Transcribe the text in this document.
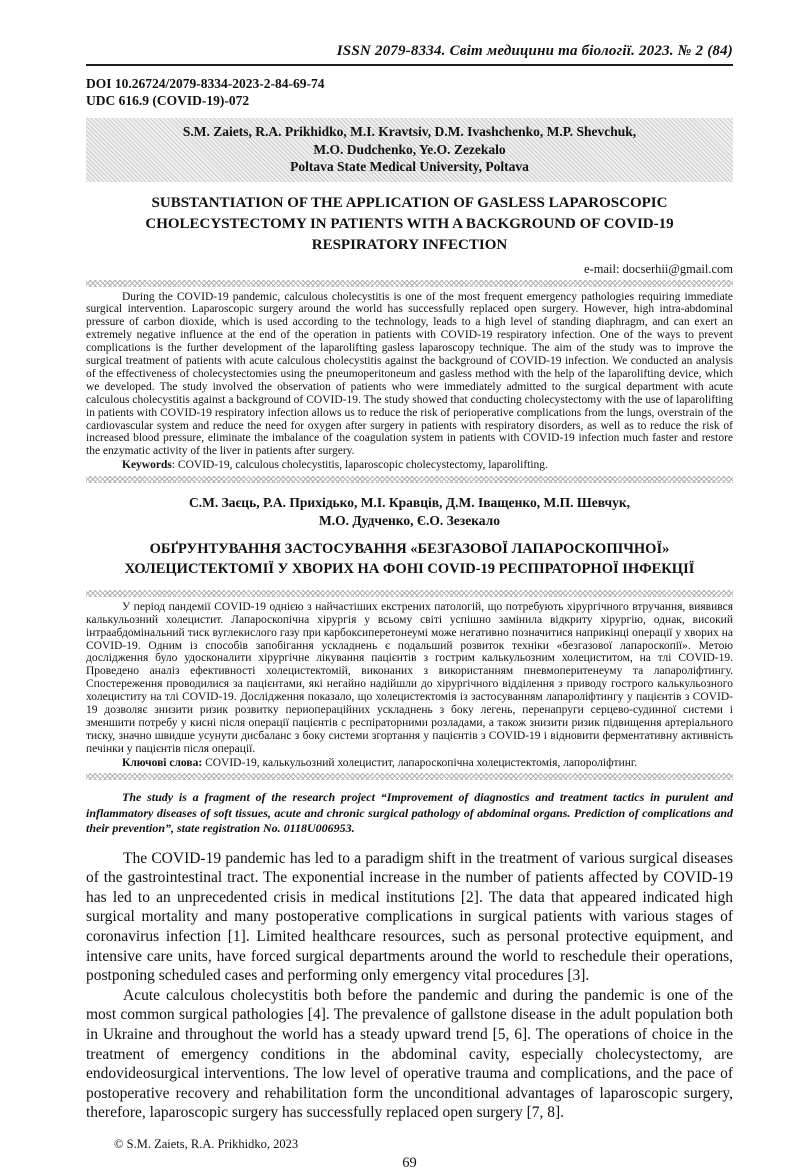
ISSN 2079-8334. Світ медицини та біології. 2023. № 2 (84)
DOI 10.26724/2079-8334-2023-2-84-69-74
UDC 616.9 (COVID-19)-072
S.M. Zaiets, R.A. Prikhidko, M.I. Kravtsiv, D.M. Ivashchenko, M.P. Shevchuk,
M.O. Dudchenko, Ye.O. Zezekalo
Poltava State Medical University, Poltava
SUBSTANTIATION OF THE APPLICATION OF GASLESS LAPAROSCOPIC CHOLECYSTECTOMY IN PATIENTS WITH A BACKGROUND OF COVID-19 RESPIRATORY INFECTION
e-mail: docserhii@gmail.com

During the COVID-19 pandemic, calculous cholecystitis is one of the most frequent emergency pathologies requiring immediate surgical intervention. Laparoscopic surgery around the world has successfully replaced open surgery. However, high intra-abdominal pressure of carbon dioxide, which is used according to the technology, leads to a high level of standing diaphragm, and can exert an extremely negative influence at the end of the operation in patients with COVID-19 respiratory infection. One of the ways to prevent complications is the further development of the laparolifting gasless laparoscopy technique. The aim of the study was to improve the surgical treatment of patients with acute calculous cholecystitis against the background of COVID-19 infection. We conducted an analysis of the effectiveness of cholecystectomies using the pneumoperitoneum and gasless method with the help of the laparolifting device, which we developed. The study involved the observation of patients who were immediately admitted to the surgical department with acute calculous cholecystitis against a background of COVID-19. The study showed that conducting cholecystectomy with the use of laparolifting in patients with COVID-19 respiratory infection allows us to reduce the risk of perioperative complications from the lungs, overstrain of the cardiovascular system and reduce the need for oxygen after surgery in patients with respiratory disorders, as well as to reduce the risk of increased blood pressure, eliminate the imbalance of the coagulation system in patients with COVID-19 infection much faster and restore the enzymatic activity of the liver in patients after surgery.

Keywords: COVID-19, calculous cholecystitis, laparoscopic cholecystectomy, laparolifting.

С.М. Заєць, Р.А. Прихідько, М.І. Кравців, Д.М. Іващенко, М.П. Шевчук,
М.О. Дудченко, Є.О. Зезекало
ОБҐРУНТУВАННЯ ЗАСТОСУВАННЯ «БЕЗГАЗОВОЇ ЛАПАРОСКОПІЧНОЇ» ХОЛЕЦИСТЕКТОМІЇ У ХВОРИХ НА ФОНІ COVID-19 РЕСПІРАТОРНОЇ ІНФЕКЦІЇ

У період пандемії COVID-19 однією з найчастіших екстрених патологій, що потребують хірургічного втручання, виявився калькульозний холецистит. Лапароскопічна хірургія у всьому світі успішно замінила відкриту хірургію, однак, високий інтраабдомінальний тиск вуглекислого газу при карбоксиперетонеумі може негативно позначитися наприкінці операції у хворих на COVID-19. Одним із способів запобігання ускладнень є подальший розвиток техніки «безгазової лапароскопії». Метою дослідження було удосконалити хірургічне лікування пацієнтів з гострим калькульозним холециститом, на тлі COVID-19. Проведено аналіз ефективності холецистектомій, виконаних з використанням пневмоперитенеуму та лапароліфтингу. Спостереження проводилися за пацієнтами, які негайно надійшли до хірургічного відділення з приводу гострого калькульозного холециститу на тлі COVID-19. Дослідження показало, що холецистектомія із застосуванням лапароліфтингу у пацієнтів з COVID-19 дозволяє знизити ризик розвитку периопераційних ускладнень з боку легень, перенапруги серцево-судинної системи і зменшити потребу у кисні після операції пацієнтів с респіраторними розладами, а також знизити ризик підвищення артеріального тиску, значно швидше усунути дисбаланс з боку системи згортання у пацієнтів з COVID-19 і відновити ферментативну активність печінки у пацієнтів після операції.

Ключові слова: COVID-19, калькульозний холецистит, лапароскопічна холецистектомія, лапороліфтинг.

The study is a fragment of the research project “Improvement of diagnostics and treatment tactics in purulent and inflammatory diseases of soft tissues, acute and chronic surgical pathology of abdominal organs. Prediction of complications and their prevention”, state registration No. 0118U006953.

The COVID-19 pandemic has led to a paradigm shift in the treatment of various surgical diseases of the gastrointestinal tract. The exponential increase in the number of patients affected by COVID-19 has led to an unprecedented crisis in medical institutions [2]. The data that appeared indicated high surgical mortality and many postoperative complications in surgical patients with various stages of coronavirus infection [1]. Limited healthcare resources, such as personal protective equipment, and intensive care units, have forced surgical departments around the world to reschedule their operations, postponing scheduled cases and performing only emergency vital procedures [3].

Acute calculous cholecystitis both before the pandemic and during the pandemic is one of the most common surgical pathologies [4]. The prevalence of gallstone disease in the adult population both in Ukraine and throughout the world has a steady upward trend [5, 6]. The operations of choice in the treatment of emergency conditions in the abdominal cavity, especially cholecystectomy, are endovideosurgical interventions. The low level of operative trauma and complications, and the pace of postoperative recovery and rehabilitation form the unconditional advantages of laparoscopic surgery, therefore, laparoscopic surgery has successfully replaced open surgery [7, 8].

© S.M. Zaiets, R.A. Prikhidko, 2023
69
